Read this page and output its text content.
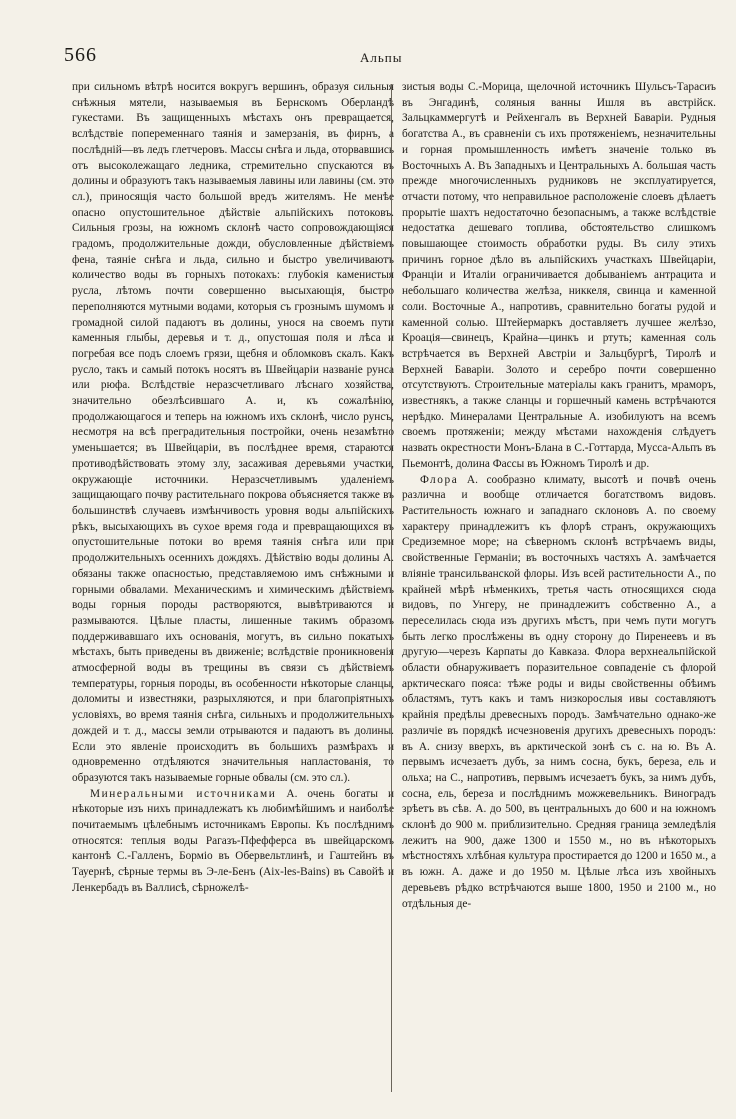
566	Альпы

при сильномъ вѣтрѣ носится вокругъ вершинъ, образуя сильныя снѣжныя мятели, называемыя въ Бернскомъ Оберландѣ гукестами. Въ защищенныхъ мѣстахъ онъ превращается, вслѣдствіе попеременнаго таянія и замерзанія, въ фирнъ, а послѣдній—въ ледъ глетчеровъ. Массы снѣга и льда, оторвавшись отъ высоколежащаго ледника, стремительно спускаются въ долины и образуютъ такъ называемыя лавины или лавины (см. это сл.), приносящія часто большой вредъ жителямъ. Не менѣе опасно опустошительное дѣйствіе альпійскихъ потоковъ. Сильныя грозы, на южномъ склонѣ часто сопровождающіяся градомъ, продолжительные дожди, обусловленные дѣйствіемъ фена, таяніе снѣга и льда, сильно и быстро увеличиваютъ количество воды въ горныхъ потокахъ: глубокія каменистыя русла, лѣтомъ почти совершенно высыхающія, быстро переполняются мутными водами, которыя съ грознымъ шумомъ и громадной силой падаютъ въ долины, унося на своемъ пути каменныя глыбы, деревья и т. д., опустошая поля и лѣса и погребая все подъ слоемъ грязи, щебня и обломковъ скалъ. Какъ русло, такъ и самый потокъ носятъ въ Швейцаріи названіе рунса или рюфа. Вслѣдствіе неразсчетливаго лѣснаго хозяйства, значительно обезлѣсившаго А. и, къ сожалѣнію, продолжающагося и теперь на южномъ ихъ склонѣ, число рунсъ, несмотря на всѣ преградительныя постройки, очень незамѣтно уменьшается; въ Швейцаріи, въ послѣднее время, стараются противодѣйствовать этому злу, засаживая деревьями участки, окружающіе источники. Неразсчетливымъ удаленіемъ защищающаго почву растительнаго покрова объясняется также въ большинствѣ случаевъ измѣнчивость уровня воды альпійскихъ рѣкъ, высыхающихъ въ сухое время года и превращающихся въ опустошительные потоки во время таянія снѣга или при продолжительныхъ осеннихъ дождяхъ. Дѣйствію воды долины А. обязаны также опасностью, представляемою имъ снѣжными и горными обвалами. Механическимъ и химическимъ дѣйствіемъ воды горныя породы растворяются, вывѣтриваются и размываются. Цѣлые пласты, лишенные такимъ образомъ поддерживавшаго ихъ основанія, могутъ, въ сильно покатыхъ мѣстахъ, быть приведены въ движеніе; вслѣдствіе проникновенія атмосферной воды въ трещины въ связи съ дѣйствіемъ температуры, горныя породы, въ особенности нѣкоторые сланцы, доломиты и известняки, разрыхляются, и при благопріятныхъ условіяхъ, во время таянія снѣга, сильныхъ и продолжительныхъ дождей и т. д., массы земли отрываются и падаютъ въ долины. Если это явленіе происходитъ въ большихъ размѣрахъ и одновременно отдѣляются значительныя напластованія, то образуются такъ называемые горные обвалы (см. это сл.).

Минеральными источниками А. очень богаты и нѣкоторые изъ нихъ принадлежатъ къ любимѣйшимъ и наиболѣе почитаемымъ цѣлебнымъ источникамъ Европы. Къ послѣднимъ относятся: теплыя воды Рагазъ-Пфефферса въ швейцарскомъ кантонѣ С.-Галленъ, Борміо въ Обервельтлинѣ, и Гаштейнъ въ Тауернѣ, сѣрные термы въ Э-ле-Бенъ (Aix-les-Bains) въ Савойѣ и Ленкербадъ въ Валлисѣ, сѣрножелѣ-

зистыя воды С.-Морица, щелочной источникъ Шульсъ-Тарасиъ въ Энгадинѣ, соляныя ванны Ишля въ австрійск. Зальцкаммергутѣ и Рейхенгалъ въ Верхней Баваріи. Рудныя богатства А., въ сравненіи съ ихъ протяженіемъ, незначительны и горная промышленность имѣетъ значеніе только въ Восточныхъ А. Въ Западныхъ и Центральныхъ А. большая часть прежде многочисленныхъ рудниковъ не эксплуатируется, отчасти потому, что неправильное расположеніе слоевъ дѣлаетъ прорытіе шахтъ недостаточно безопаснымъ, а также вслѣдствіе недостатка дешеваго топлива, обстоятельство слишкомъ повышающее стоимость обработки руды. Въ силу этихъ причинъ горное дѣло въ альпійскихъ участкахъ Швейцаріи, Франціи и Италіи ограничивается добываніемъ антрацита и небольшаго количества желѣза, никкеля, свинца и каменной соли. Восточные А., напротивъ, сравнительно богаты рудой и каменной солью. Штейермаркъ доставляетъ лучшее желѣзо, Кроація—свинецъ, Крайна—цинкъ и ртуть; каменная соль встрѣчается въ Верхней Австріи и Зальцбургѣ, Тиролѣ и Верхней Баваріи. Золото и серебро почти совершенно отсутствуютъ. Строительные матеріалы какъ гранитъ, мраморъ, известнякъ, а также сланцы и горшечный камень встрѣчаются нерѣдко. Минералами Центральные А. изобилуютъ на всемъ своемъ протяженіи; между мѣстами нахожденія слѣдуетъ назвать окрестности Монъ-Блана в С.-Готтарда, Мусса-Альпъ въ Пьемонтѣ, долина Фассы въ Южномъ Тиролѣ и др.

Флора А. сообразно климату, высотѣ и почвѣ очень различна и вообще отличается богатствомъ видовъ. Растительность южнаго и западнаго склоновъ А. по своему характеру принадлежитъ къ флорѣ странъ, окружающихъ Средиземное море; на сѣверномъ склонѣ встрѣчаемъ виды, свойственные Германіи; въ восточныхъ частяхъ А. замѣчается вліяніе трансильванской флоры. Изъ всей растительности А., по крайней мѣрѣ нѣменкихъ, третья часть относящихся сюда видовъ, по Унгеру, не принадлежитъ собственно А., а переселилась сюда изъ другихъ мѣстъ, при чемъ пути могутъ быть легко прослѣжены въ одну сторону до Пиренеевъ и въ другую—черезъ Карпаты до Кавказа. Флора верхнеальпійской области обнаруживаетъ поразительное совпаденіе съ флорой арктическаго пояса: тѣже роды и виды свойственны обѣимъ областямъ, тутъ какъ и тамъ низкорослыя ивы составляютъ крайнія предѣлы древесныхъ породъ. Замѣчательно однако-же различіе въ порядкѣ исчезновенія другихъ древесныхъ породъ: въ А. снизу вверхъ, въ арктической зонѣ съ с. на ю. Въ А. первымъ исчезаетъ дубъ, за нимъ сосна, букъ, береза, ель и ольха; на С., напротивъ, первымъ исчезаетъ букъ, за нимъ дубъ, сосна, ель, береза и послѣднимъ можжевельникъ. Виноградъ зрѣетъ въ сѣв. А. до 500, въ центральныхъ до 600 и на южномъ склонѣ до 900 м. приблизительно. Средняя граница земледѣлія лежитъ на 900, даже 1300 и 1550 м., но въ нѣкоторыхъ мѣстностяхъ хлѣбная культура простирается до 1200 и 1650 м., а въ южн. А. даже и до 1950 м. Цѣлые лѣса изъ хвойныхъ деревьевъ рѣдко встрѣчаются выше 1800, 1950 и 2100 м., но отдѣльныя де-
